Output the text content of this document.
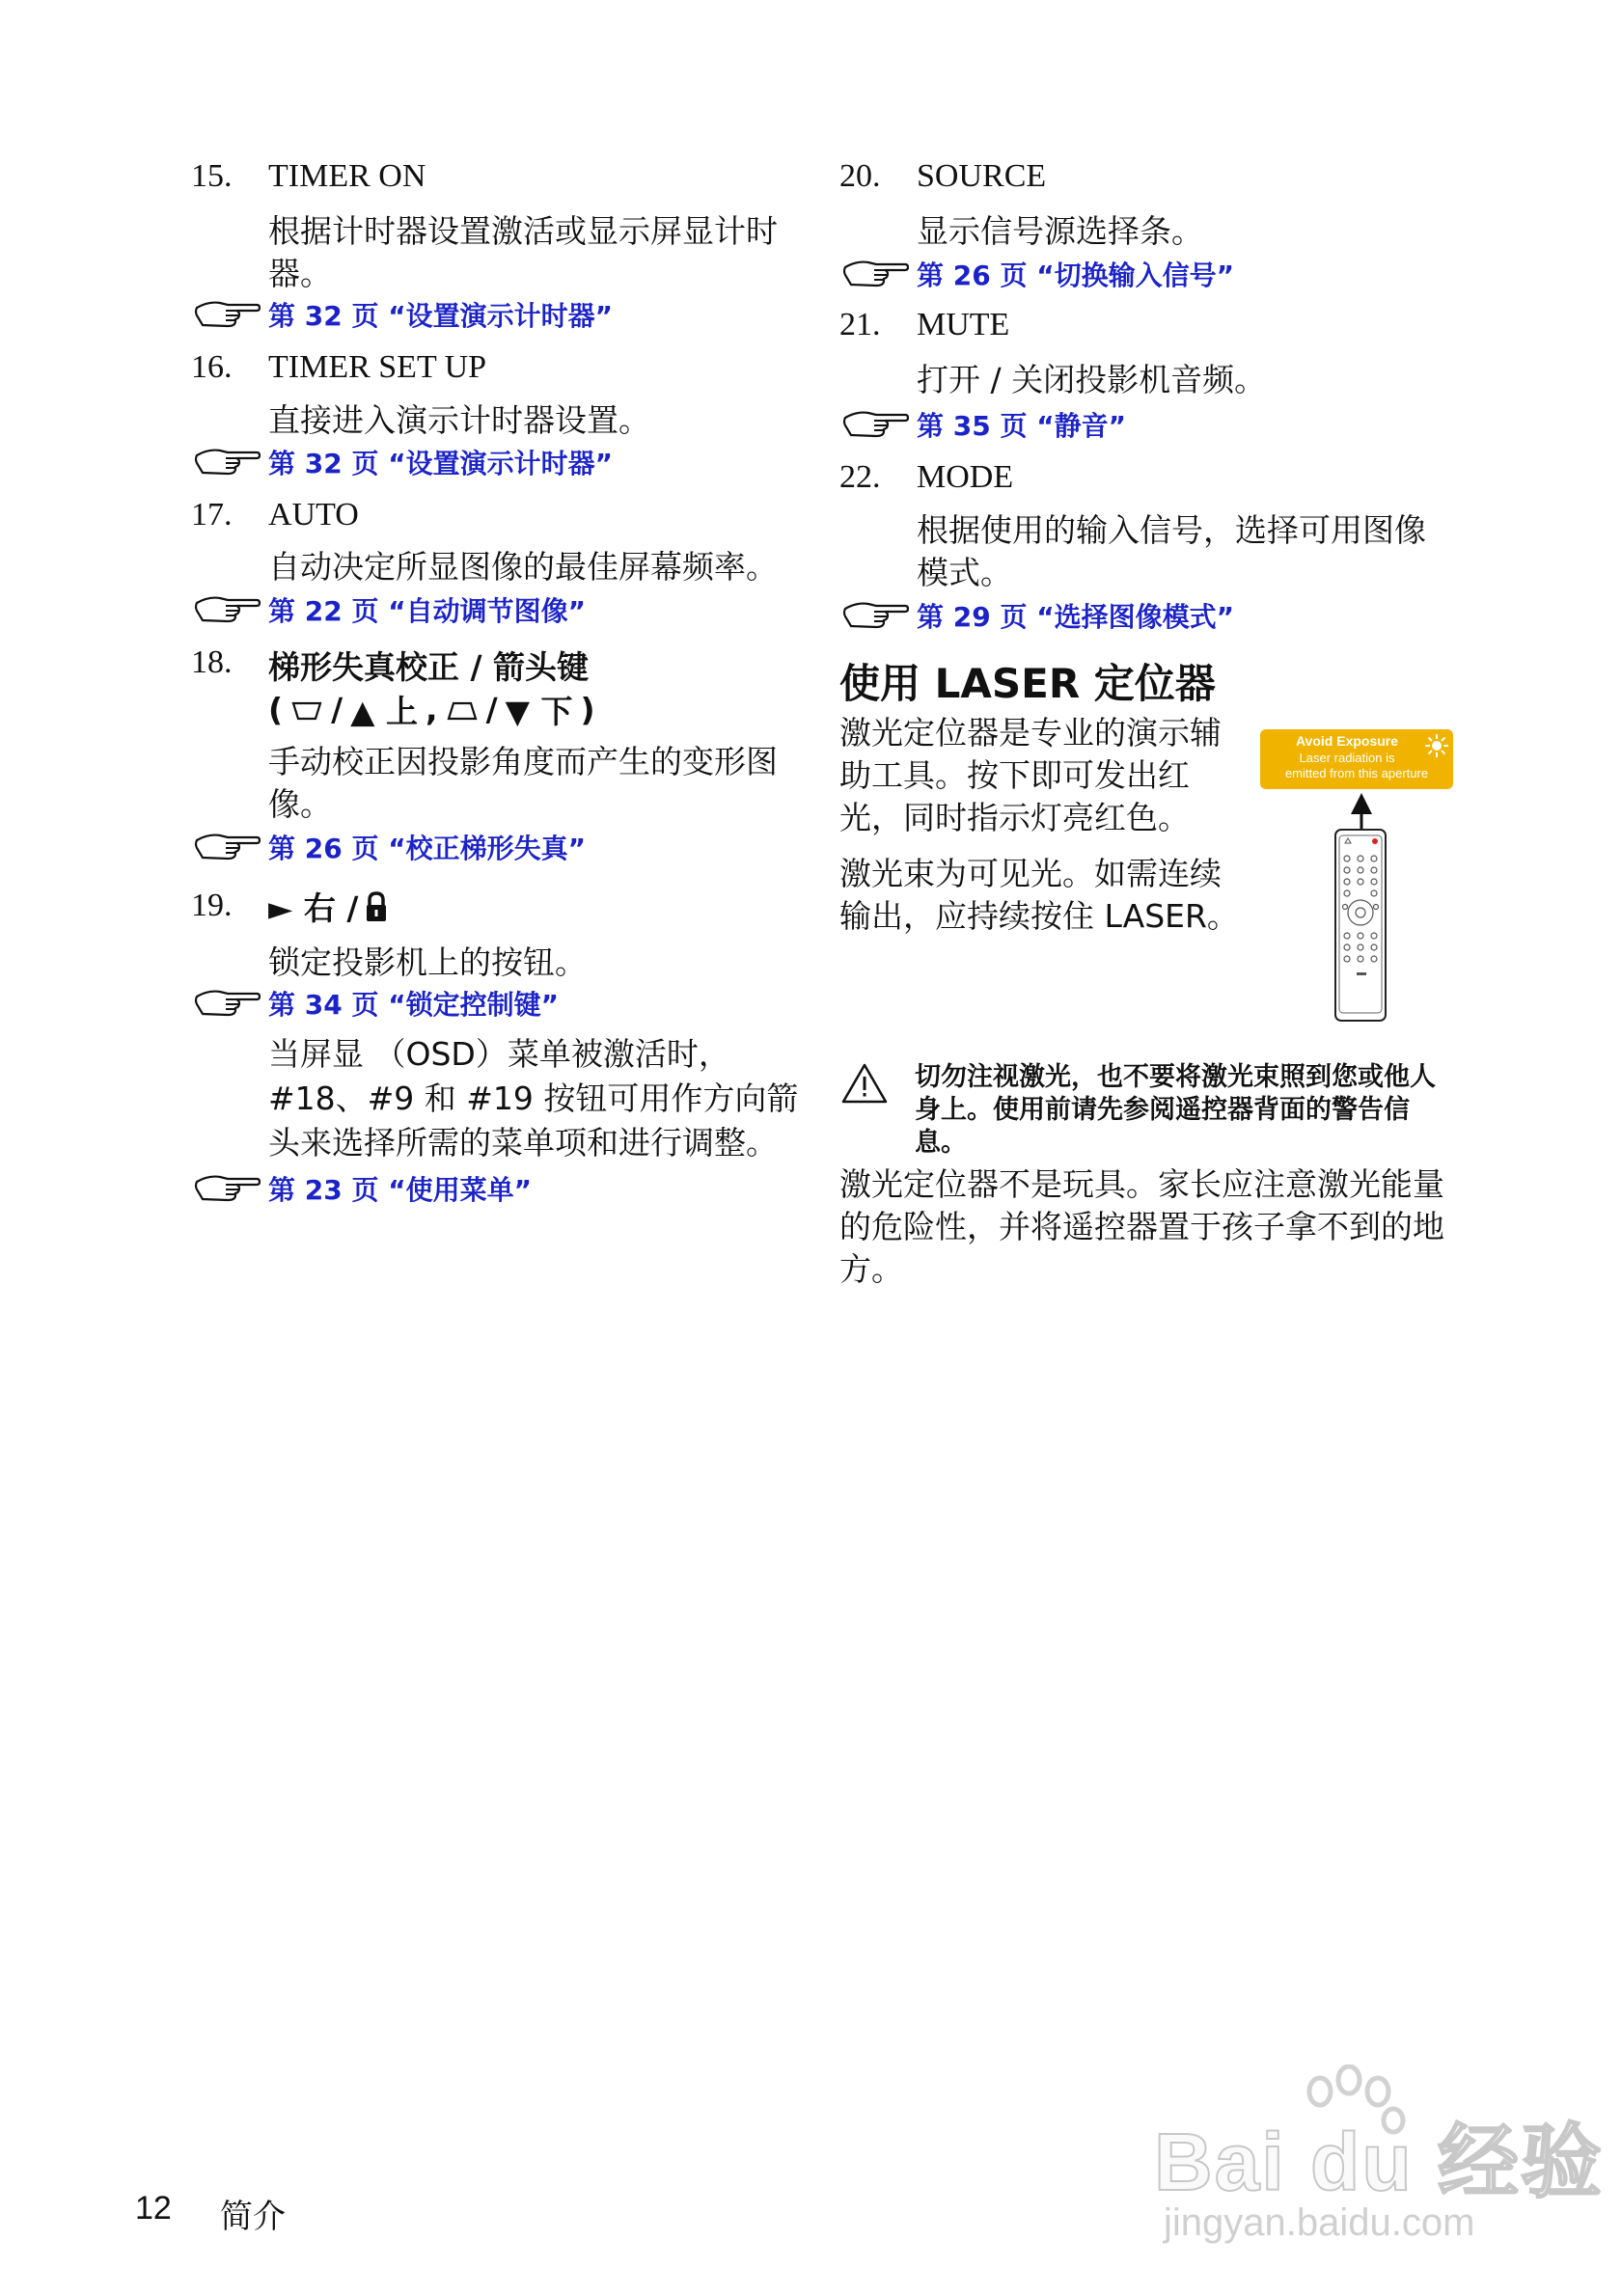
15. TIMER ON
根据计时器设置激活或显示屏显计时器。
第 32 页 “设置演示计时器”
16. TIMER SET UP
直接进入演示计时器设置。
第 32 页 “设置演示计时器”
17. AUTO
自动决定所显图像的最佳屏幕频率。
第 22 页 “自动调节图像”
18. 梯形失真校正 / 箭头键
( / ▲ 上 , / ▼ 下 )
手动校正因投影角度而产生的变形图像。
第 26 页 “校正梯形失真”
19. ► 右 /
锁定投影机上的按钮。
第 34 页 “锁定控制键”
当屏显 （OSD）菜单被激活时，#18、#9 和 #19 按钮可用作方向箭头来选择所需的菜单项和进行调整。
第 23 页 “使用菜单”
20. SOURCE
显示信号源选择条。
第 26 页 “切换输入信号”
21. MUTE
打开 / 关闭投影机音频。
第 35 页 “静音”
22. MODE
根据使用的输入信号，选择可用图像模式。
第 29 页 “选择图像模式”
使用 LASER 定位器
激光定位器是专业的演示辅助工具。按下即可发出红光，同时指示灯亮红色。
激光束为可见光。如需连续输出，应持续按住 LASER。
Avoid Exposure
Laser radiation is
emitted from this aperture
切勿注视激光，也不要将激光束照到您或他人身上。使用前请先参阅遥控器背面的警告信息。
激光定位器不是玩具。家长应注意激光能量的危险性，并将遥控器置于孩子拿不到的地方。
12 简介
Bai du 经验
jingyan.baidu.com
